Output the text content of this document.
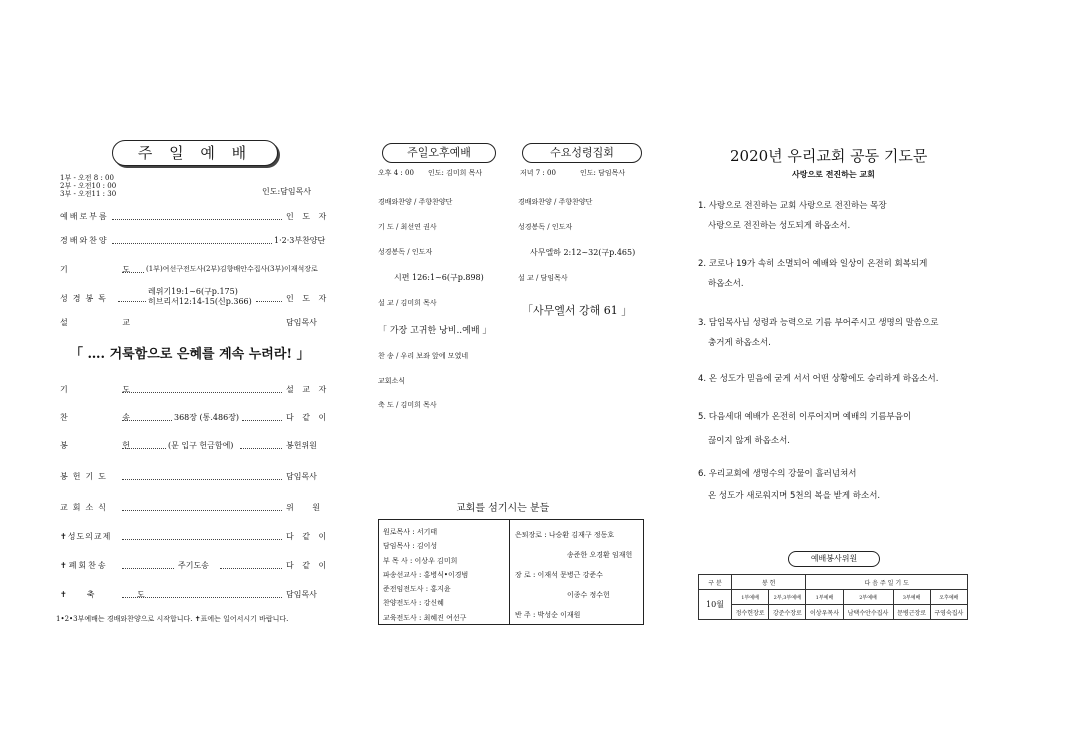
주 일 예 배
1부 - 오전 8 : 00
2부 - 오전10 : 00
3부 - 오전11 : 30	인도:담임목사
예배로부름	인 도 자
경배와찬양	1·2·3부찬양단
기 도
(1부)여선구전도사(2부)김향배안수집사(3부)이재석장로
성경봉독
레위기19:1~6(구p.175)
히브리서12:14-15(신p.366)	인 도 자
설 교	담임목사
「 …. 거룩함으로 은혜를 계속 누려라! 」
기 도	설 교 자
찬 송 368장 (통.486장)	다 같 이
봉 헌 (문 입구 헌금함에)	봉헌위원
봉헌기도	담임목사
교회소식	위 원
✝성도의교제	다 같 이
✝폐회찬송	주기도송	다 같 이
✝축 도	담임목사
1•2•3부예배는 경배와찬양으로 시작합니다. ✝표에는 일어서시기 바랍니다.
주일오후예배	수요성령집회
오후 4 : 00 인도: 김미희 목사	저녁 7 : 00	인도: 담임목사
경배와찬양 / 주향찬양단
기 도 / 최선연 권사
성경봉독 / 인도자
시편 126:1~6(구p.898)
설 교 / 김미희 목사
「 가장 고귀한 낭비..예배 」
찬 송 / 우리 보좌 앞에 모였네
교회소식
축 도 / 김미희 목사
경배와찬양 / 주향찬양단
성경봉독 / 인도자
사무엘하 2:12~32(구p.465)
설 교 / 담임목사
「사무엘서 강해 61 」
교회를 섬기시는 분들
원로목사 : 서기태
담임목사 : 김이성
부 목 사 : 이상우 김미희
파송선교사 : 홍병식•이경범
준전임전도사 : 홍지윤
찬양전도사 : 강신혜
교육전도사 : 최혜진 여선구
은퇴장로 : 나승환 김재구 정동호
송준한 오경환 임재헌
장 로 : 이재석 문병근 강준수
이종수 정수헌
반 주 : 박성순 이재원
2020년 우리교회 공동 기도문
사랑으로 전진하는 교회
1. 사랑으로 전진하는 교회 사랑으로 전진하는 목장
사랑으로 전진하는 성도되게 하옵소서.
2. 코로나 19가 속히 소멸되어 예배와 일상이 온전히 회복되게
하옵소서.
3. 담임목사님 성령과 능력으로 기름 부어주시고 생명의 말씀으로
충거게 하옵소서.
4. 온 성도가 믿음에 굳게 서서 어떤 상황에도 승리하게 하옵소서.
5. 다음세대 예배가 온전히 이루어지며 예배의 기름부음이
끊이지 않게 하옵소서.
6. 우리교회에 생명수의 강물이 흘러넘쳐서
온 성도가 새로워지며 5천의 복을 받게 하소서.
예배봉사위원
구 분	봉 헌		다 음 주 일 기 도			
10월	1부예배	2부,3부예배	1부예배	2부예배	3부예배	오후예배
	정수헌장로	강준수장로	이상우목사	남택수안수집사	문병근장로	구영숙집사
